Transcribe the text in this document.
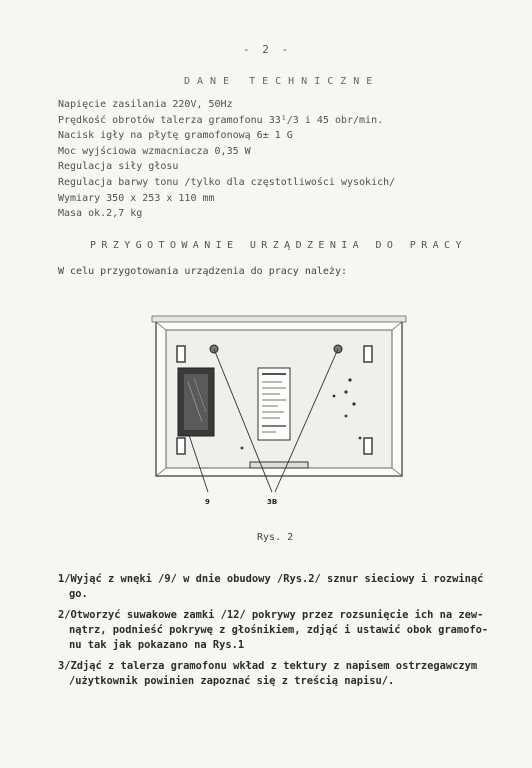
- 2 -
DANE TECHNICZNE
Napięcie zasilania 220V, 50Hz
Prędkość obrotów talerza gramofonu 33¹/3 i 45 obr/min.
Nacisk igły na płytę gramofonową 6± 1 G
Moc wyjściowa wzmacniacza 0,35 W
Regulacja siły głosu
Regulacja barwy tonu /tylko dla częstotliwości wysokich/
Wymiary 350 x 253 x 110 mm
Masa ok.2,7 kg
PRZYGOTOWANIE URZĄDZENIA DO PRACY
W celu przygotowania urządzenia do pracy należy:
9	3B
Rys. 2
1/Wyjąć z wnęki /9/ w dnie obudowy /Rys.2/ sznur sieciowy i rozwinąć
go.
2/Otworzyć suwakowe zamki /12/ pokrywy przez rozsunięcie ich na zew-
nątrz, podnieść pokrywę z głośnikiem, zdjąć i ustawić obok gramofo-
nu tak jak pokazano na Rys.1
3/Zdjąć z talerza gramofonu wkład z tektury z napisem ostrzegawczym
/użytkownik powinien zapoznać się z treścią napisu/.
